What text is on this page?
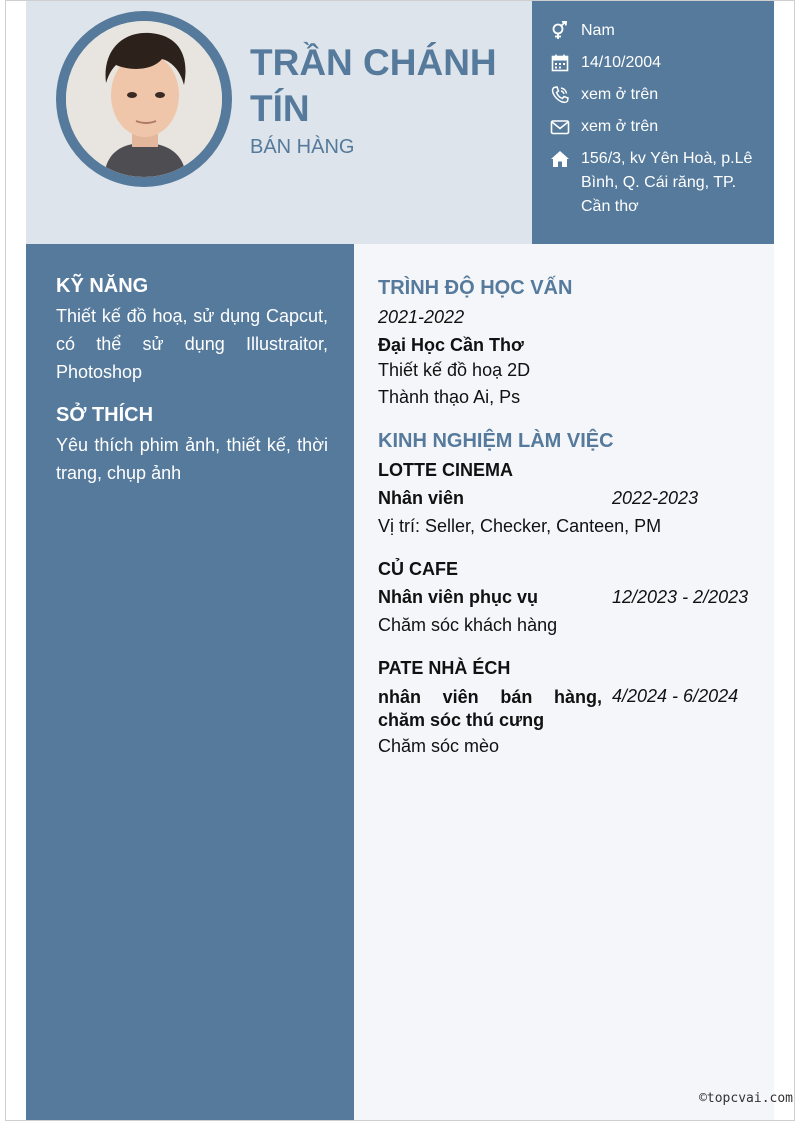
TRẦN CHÁNH
TÍN
BÁN HÀNG
Nam
14/10/2004
xem ở trên
xem ở trên
156/3, kv Yên Hoà, p.Lê Bình, Q. Cái răng, TP. Cần thơ
KỸ NĂNG

Thiết kế đồ hoạ, sử dụng Capcut, có thể sử dụng Illustraitor, Photoshop

SỞ THÍCH

Yêu thích phim ảnh, thiết kế, thời trang, chụp ảnh

TRÌNH ĐỘ HỌC VẤN
2021-2022
Đại Học Cần Thơ
Thiết kế đồ hoạ 2D
Thành thạo Ai, Ps
KINH NGHIỆM LÀM VIỆC
LOTTE CINEMA
Nhân viên	2022-2023
Vị trí: Seller, Checker, Canteen, PM
CỦ CAFE
Nhân viên phục vụ	12/2023 - 2/2023
Chăm sóc khách hàng
PATE NHÀ ÉCH
nhân viên bán hàng, chăm sóc thú cưng
4/2024 - 6/2024
Chăm sóc mèo
©topcvai.com
